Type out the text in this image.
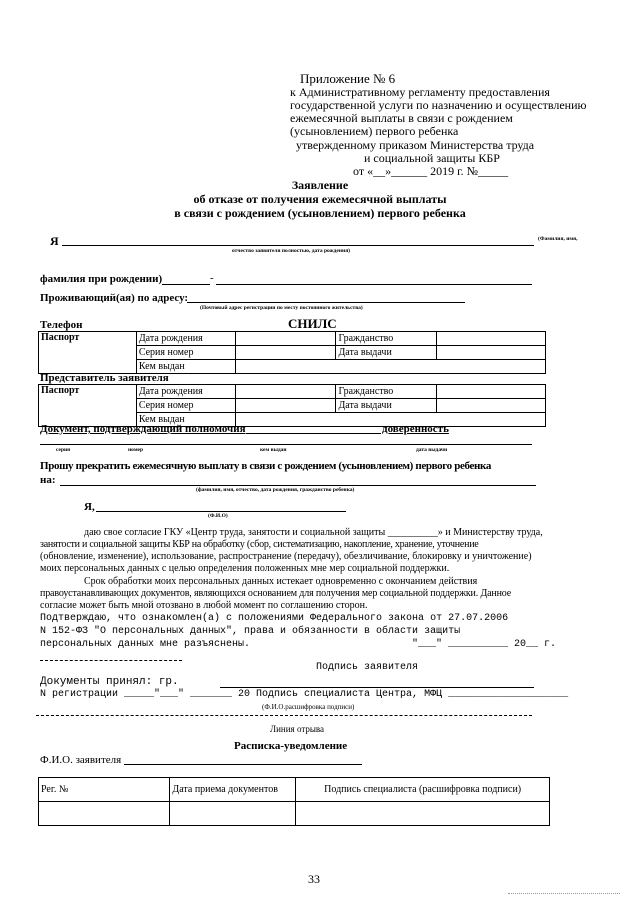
Приложение № 6
к Административному регламенту предоставления
государственной услуги по назначению и осуществлению
ежемесячной выплаты в связи с рождением
(усыновлением) первого ребенка
утвержденному приказом Министерства труда
и социальной защиты КБР
от «__»______ 2019 г. №_____
Заявление
об отказе от получения ежемесячной выплаты
в связи с рождением (усыновлением) первого ребенка
Я	(Фамилия, имя,
отчество заявителя полностью, дата рождения)
фамилия при рождении)	-
Проживающий(ая) по адресу:
(Почтовый адрес регистрации по месту постоянного жительства)
Телефон	СНИЛС
Паспорт	Дата рождения		Гражданство	
	Серия номер		Дата выдачи	
	Кем выдан			
Представитель заявителя
Паспорт	Дата рождения		Гражданство	
	Серия номер		Дата выдачи	
	Кем выдан			
Документ, подтверждающий полномочия	доверенность
серия	номер	кем выдан	дата выдачи
Прошу прекратить ежемесячную выплату в связи с рождением (усыновлением) первого ребенка
на:
(фамилия, имя, отчество, дата рождения, гражданство ребенка)
Я,
(Ф.И.О)
даю свое согласие ГКУ «Центр труда, занятости и социальной защиты __________» и Министерству труда,
занятости и социальной защиты КБР на обработку (сбор, систематизацию, накопление, хранение, уточнение
(обновление, изменение), использование, распространение (передачу), обезличивание, блокировку и уничтожение)
моих персональных данных с целью определения положенных мне мер социальной поддержки.
Срок обработки моих персональных данных истекает одновременно с окончанием действия
правоустанавливающих документов, являющихся основанием для получения мер социальной поддержки. Данное
согласие может быть мной отозвано в любой момент по соглашению сторон.
Подтверждаю, что ознакомлен(а) с положениями Федерального закона от 27.07.2006
N 152-ФЗ "О персональных данных", права и обязанности в области защиты
персональных данных мне разъяснены.	"___" __________ 20__ г.
Подпись заявителя
Документы принял: гр.
N регистрации _____"___" _______ 20 Подпись специалиста Центра, МФЦ ____________________
(Ф.И.О.расшифровка подписи)
Линия отрыва
Расписка-уведомление
Ф.И.О. заявителя
Рег. №	Дата приема документов	Подпись специалиста (расшифровка подписи)

33
